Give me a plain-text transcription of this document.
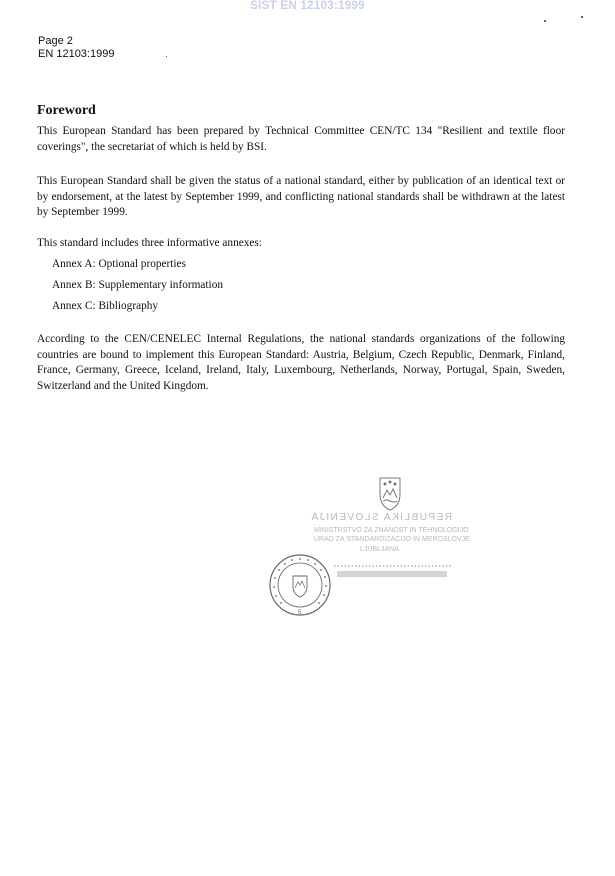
SIST EN 12103:1999
Page 2
EN 12103:1999
Foreword
This European Standard has been prepared by Technical Committee CEN/TC 134 "Resilient and textile floor coverings", the secretariat of which is held by BSI.
This European Standard shall be given the status of a national standard, either by publication of an identical text or by endorsement, at the latest by September 1999, and conflicting national standards shall be withdrawn at the latest by September 1999.
This standard includes three informative annexes:
Annex A: Optional properties
Annex B: Supplementary information
Annex C: Bibliography
According to the CEN/CENELEC Internal Regulations, the national standards organizations of the following countries are bound to implement this European Standard: Austria, Belgium, Czech Republic, Denmark, Finland, France, Germany, Greece, Iceland, Ireland, Italy, Luxembourg, Netherlands, Norway, Portugal, Spain, Sweden, Switzerland and the United Kingdom.
REPUBLIKA SLOVENIJA
MINISTRSTVO ZA ZNANOST IN TEHNOLOGIJO
URAD ZA STANDARDIZACIJO IN MEROSLOVJE
LJUBLJANA
5
